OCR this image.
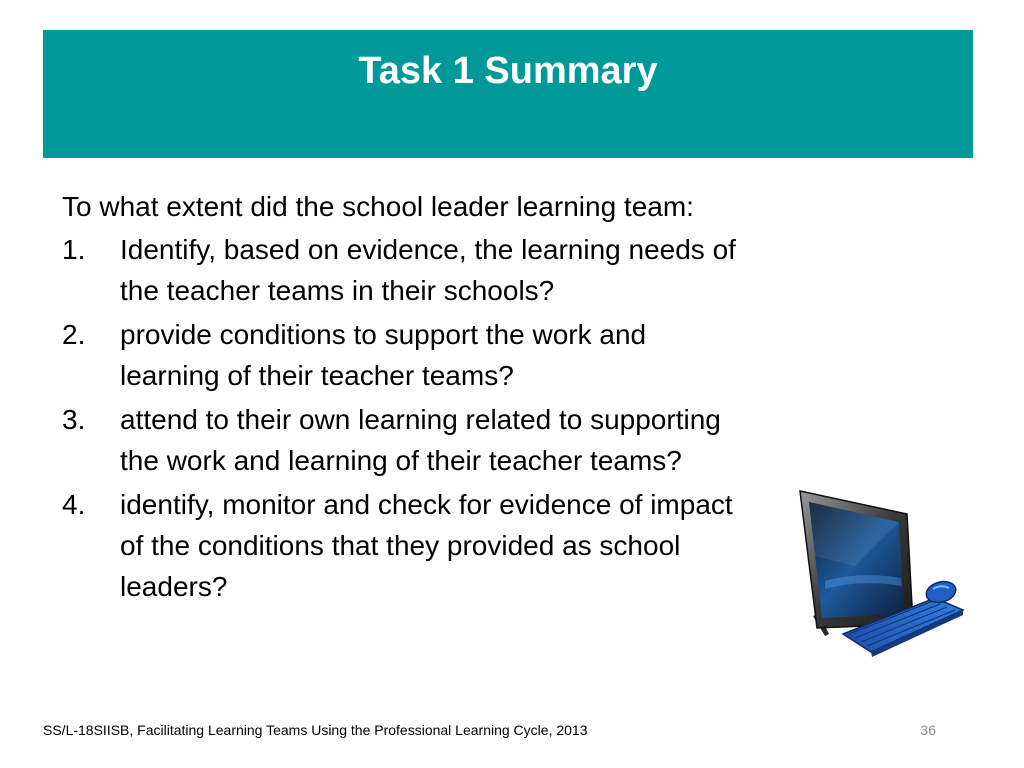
Task 1 Summary

To what extent did the school leader learning team:

1. Identify, based on evidence, the learning needs of the teacher teams in their schools?
2. provide conditions to support the work and learning of their teacher teams?
3. attend to their own learning related to supporting the work and learning of their teacher teams?
4. identify, monitor and check for evidence of impact of the conditions that they provided as school leaders?
SS/L-18SIISB, Facilitating Learning Teams Using the Professional Learning Cycle, 2013	36
